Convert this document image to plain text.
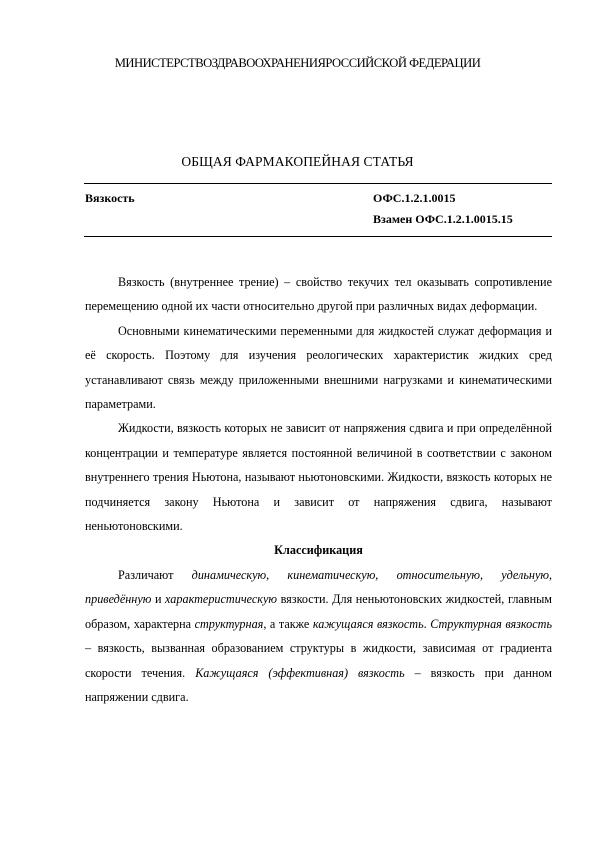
МИНИСТЕРСТВОЗДРАВООХРАНЕНИЯРОССИЙСКОЙ ФЕДЕРАЦИИ
ОБЩАЯ ФАРМАКОПЕЙНАЯ СТАТЬЯ
Вязкость	ОФС.1.2.1.0015
Взамен ОФС.1.2.1.0015.15

Вязкость (внутреннее трение) – свойство текучих тел оказывать сопротивление перемещению одной их части относительно другой при различных видах деформации.

Основными кинематическими переменными для жидкостей служат деформация и её скорость. Поэтому для изучения реологических характеристик жидких сред устанавливают связь между приложенными внешними нагрузками и кинематическими параметрами.

Жидкости, вязкость которых не зависит от напряжения сдвига и при определённой концентрации и температуре является постоянной величиной в соответствии с законом внутреннего трения Ньютона, называют ньютоновскими. Жидкости, вязкость которых не подчиняется закону Ньютона и зависит от напряжения сдвига, называют неньютоновскими.

Классификация

Различают динамическую, кинематическую, относительную, удельную, приведённую и характеристическую вязкости. Для неньютоновских жидкостей, главным образом, характерна структурная, а также кажущаяся вязкость. Структурная вязкость – вязкость, вызванная образованием структуры в жидкости, зависимая от градиента скорости течения. Кажущаяся (эффективная) вязкость – вязкость при данном напряжении сдвига.
